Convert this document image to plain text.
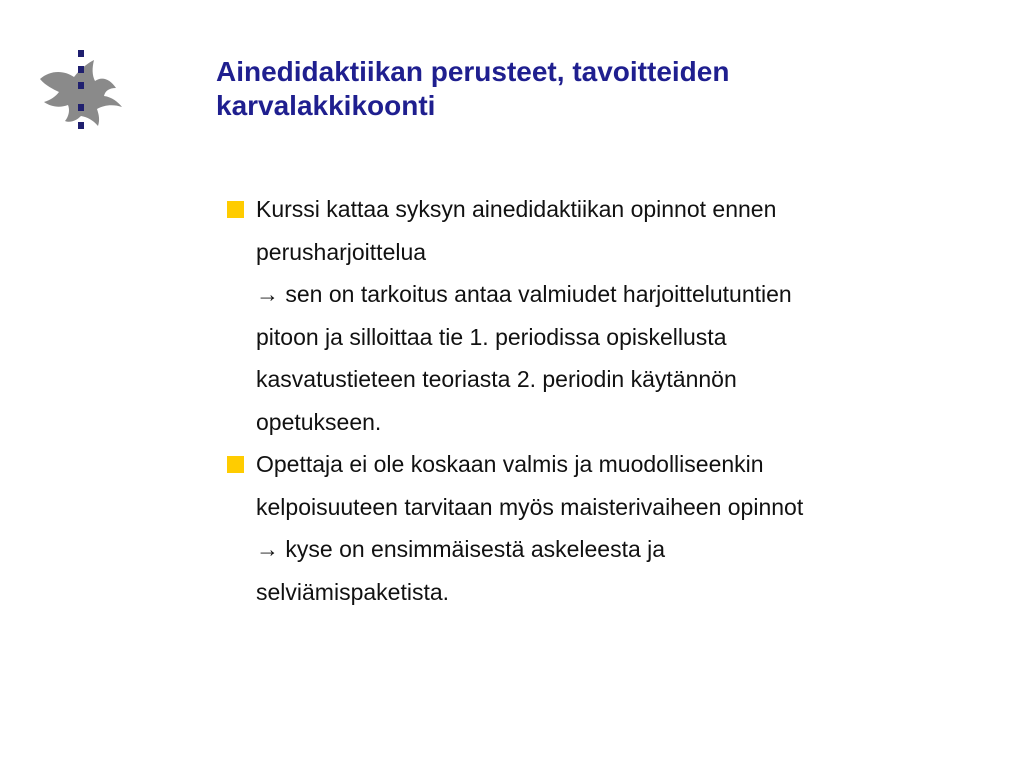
Ainedidaktiikan perusteet, tavoitteiden
karvalakkikoonti
Kurssi kattaa syksyn ainedidaktiikan opinnot ennen
perusharjoittelua
→ sen on tarkoitus antaa valmiudet harjoittelutuntien
pitoon ja silloittaa tie 1. periodissa opiskellusta
kasvatustieteen teoriasta 2. periodin käytännön
opetukseen.
Opettaja ei ole koskaan valmis ja muodolliseenkin
kelpoisuuteen tarvitaan myös maisterivaiheen opinnot
→ kyse on ensimmäisestä askeleesta ja
selviämispaketista.
